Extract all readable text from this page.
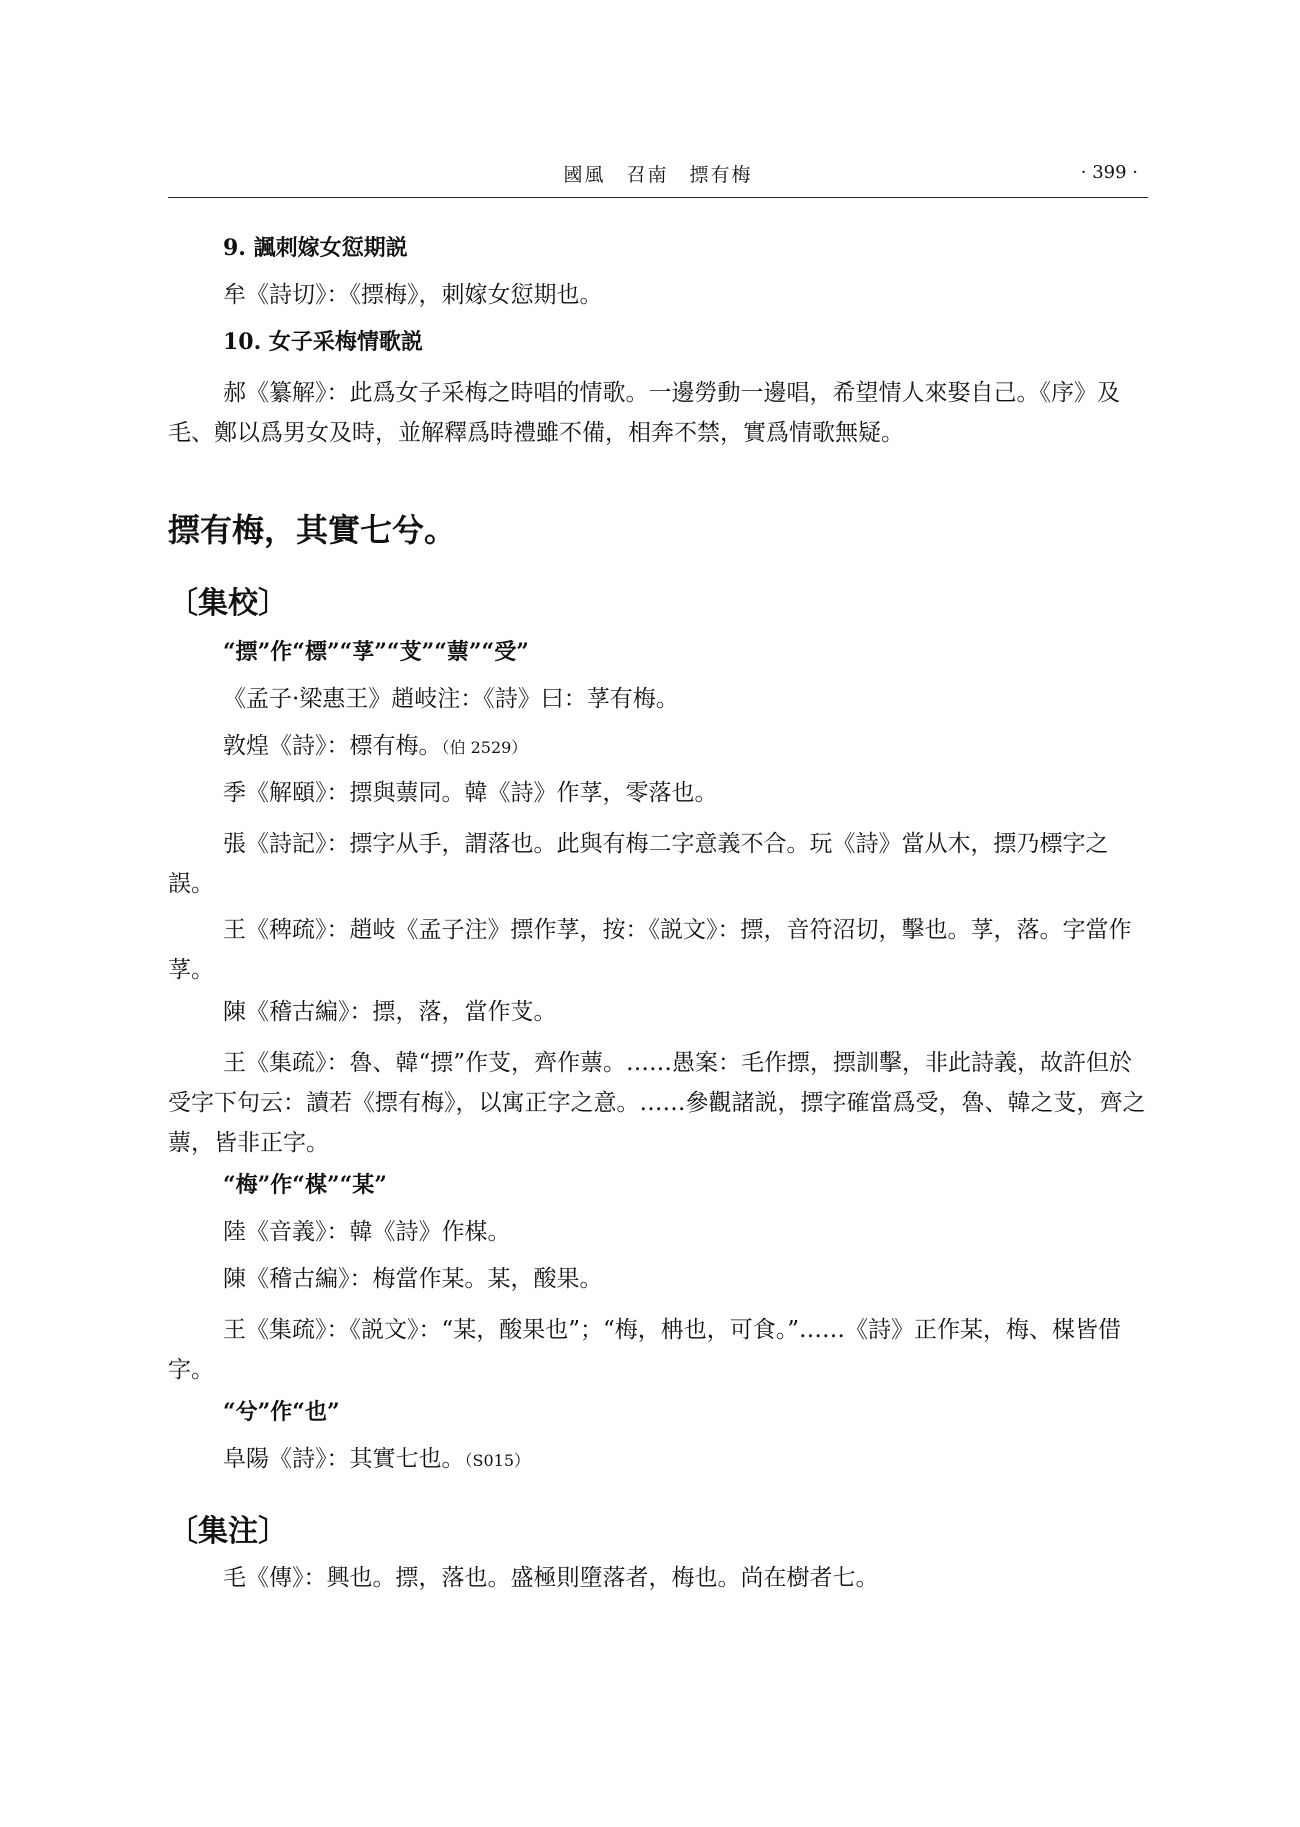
國風　召南　摽有梅	· 399 ·
9. 諷刺嫁女愆期説
牟《詩切》：《摽梅》，刺嫁女愆期也。
10. 女子采梅情歌説

郝《纂解》：此爲女子采梅之時唱的情歌。一邊勞動一邊唱，希望情人來娶自己。《序》及毛、鄭以爲男女及時，並解釋爲時禮雖不備，相奔不禁，實爲情歌無疑。

摽有梅，其實七兮。

〔集校〕

“摽”作“標”“莩”“芆”“蔈”“受”
《孟子·梁惠王》趙岐注：《詩》曰：莩有梅。
敦煌《詩》：標有梅。（伯 2529）
季《解頤》：摽與蔈同。韓《詩》作莩，零落也。

張《詩記》：摽字从手，謂落也。此與有梅二字意義不合。玩《詩》當从木，摽乃標字之誤。

王《稗疏》：趙岐《孟子注》摽作莩，按：《説文》：摽，音符沼切，擊也。莩，落。字當作莩。

陳《稽古編》：摽，落，當作芆。

王《集疏》：魯、韓“摽”作芆，齊作蔈。……愚案：毛作摽，摽訓擊，非此詩義，故許但於受字下句云：讀若《摽有梅》，以寓正字之意。……參觀諸説，摽字確當爲受，魯、韓之芆，齊之蔈，皆非正字。

“梅”作“楳”“某”
陸《音義》：韓《詩》作楳。
陳《稽古編》：梅當作某。某，酸果。

王《集疏》：《説文》：“某，酸果也”；“梅，柟也，可食。”……《詩》正作某，梅、楳皆借字。

“兮”作“也”
阜陽《詩》：其實七也。（S015）

〔集注〕

毛《傳》：興也。摽，落也。盛極則墮落者，梅也。尚在樹者七。
